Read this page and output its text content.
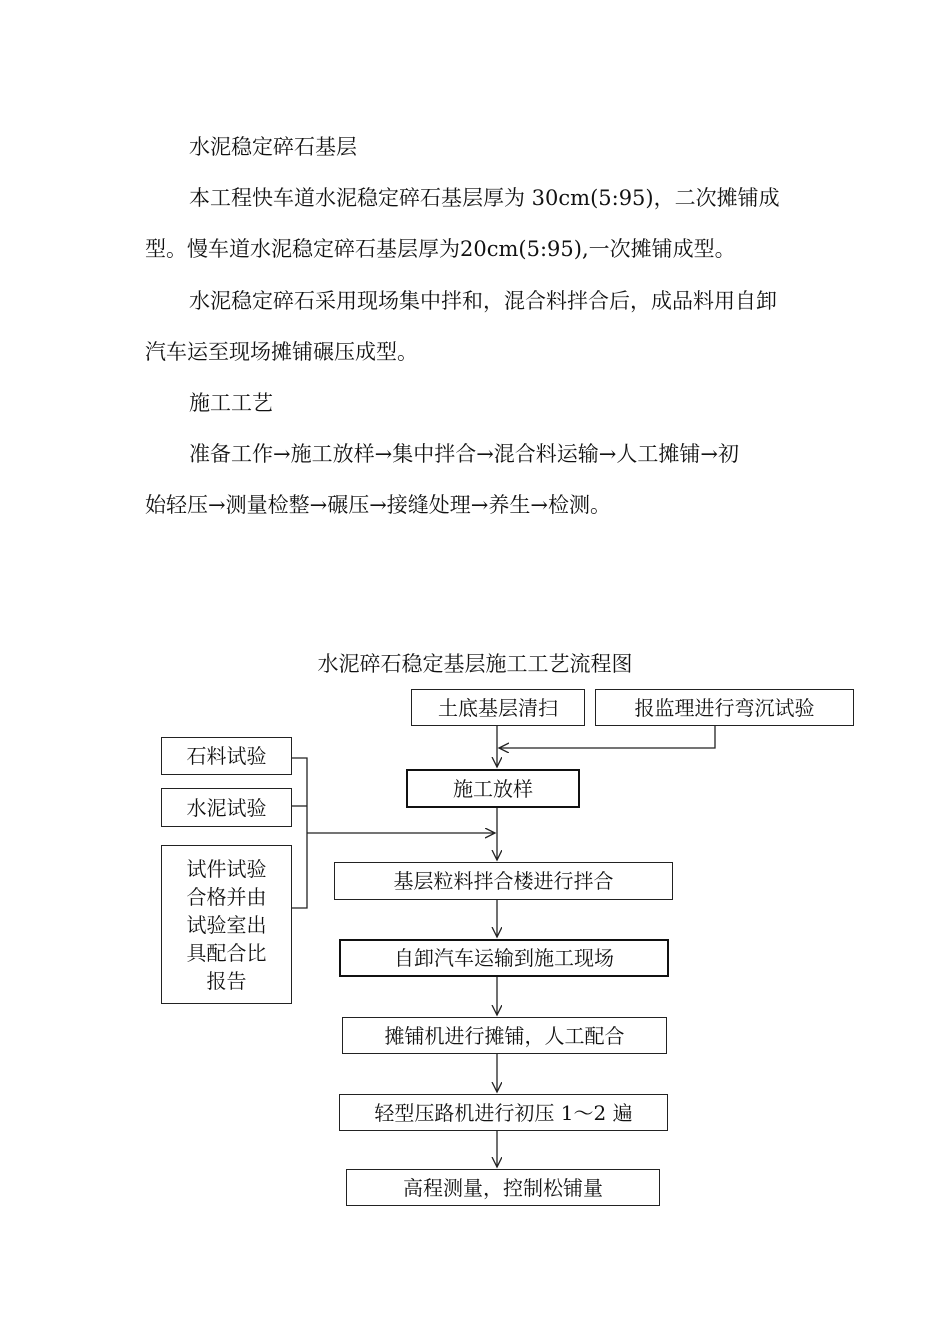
水泥稳定碎石基层
本工程快车道水泥稳定碎石基层厚为 30cm(5:95)，二次摊铺成
型。慢车道水泥稳定碎石基层厚为20cm(5:95),一次摊铺成型。
水泥稳定碎石采用现场集中拌和，混合料拌合后，成品料用自卸
汽车运至现场摊铺碾压成型。
施工工艺
准备工作→施工放样→集中拌合→混合料运输→人工摊铺→初
始轻压→测量检整→碾压→接缝处理→养生→检测。
水泥碎石稳定基层施工工艺流程图
土底基层清扫	报监理进行弯沉试验
石料试验
水泥试验
试件试验合格并由试验室出具配合比报告
施工放样
基层粒料拌合楼进行拌合
自卸汽车运输到施工现场
摊铺机进行摊铺，人工配合
轻型压路机进行初压 1～2 遍
高程测量，控制松铺量
